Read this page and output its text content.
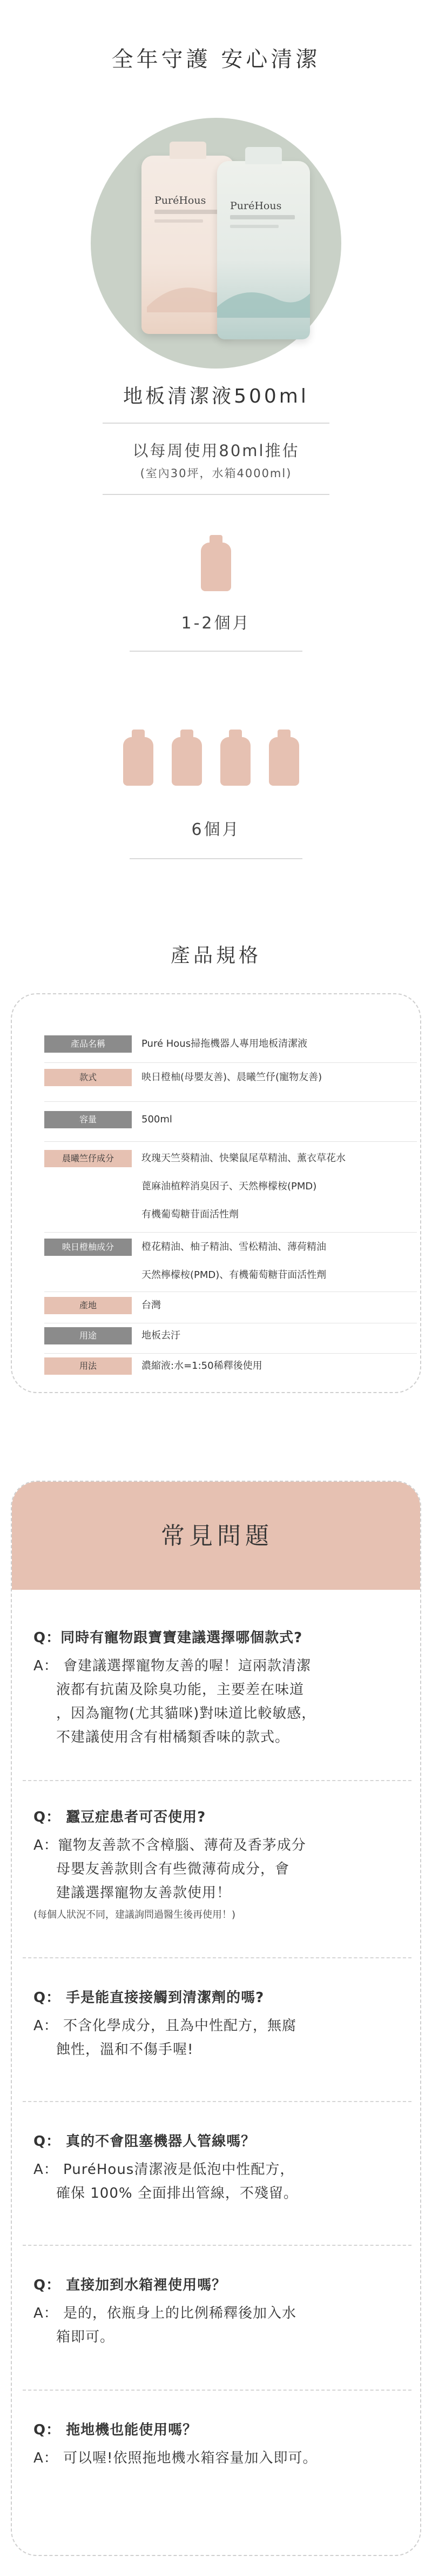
全年守護 安心清潔
PuréHous PuréHous
地板清潔液500ml
以每周使用80ml推估
(室內30坪，水箱4000ml)
1-2個月
6個月
產品規格
產品名稱	Puré Hous掃拖機器人專用地板清潔液
款式	映日橙柚(母嬰友善)、晨曦竺伃(寵物友善)
容量	500ml
晨曦竺伃成分	玫瑰天竺葵精油、快樂鼠尾草精油、薰衣草花水
蓖麻油植粹消臭因子、天然檸檬桉(PMD)
有機葡萄糖苷面活性劑
映日橙柚成分	橙花精油、柚子精油、雪松精油、薄荷精油
天然檸檬桉(PMD)、有機葡萄糖苷面活性劑
產地	台灣
用途	地板去汙
用法	濃縮液:水=1:50稀釋後使用
常見問題
Q：同時有寵物跟寶寶建議選擇哪個款式?
A： 會建議選擇寵物友善的喔！這兩款清潔
液都有抗菌及除臭功能，主要差在味道
，因為寵物(尤其貓咪)對味道比較敏感，
不建議使用含有柑橘類香味的款式。
Q： 蠶豆症患者可否使用?
A：寵物友善款不含樟腦、薄荷及香茅成分
母嬰友善款則含有些微薄荷成分，會
建議選擇寵物友善款使用！
(每個人狀況不同，建議詢問過醫生後再使用！)
Q： 手是能直接接觸到清潔劑的嗎?
A： 不含化學成分，且為中性配方，無腐
蝕性，溫和不傷手喔!
Q： 真的不會阻塞機器人管線嗎？
A： PuréHous清潔液是低泡中性配方，
確保 100% 全面排出管線，不殘留。
Q： 直接加到水箱裡使用嗎？
A： 是的，依瓶身上的比例稀釋後加入水
箱即可。
Q： 拖地機也能使用嗎？
A： 可以喔!依照拖地機水箱容量加入即可。
